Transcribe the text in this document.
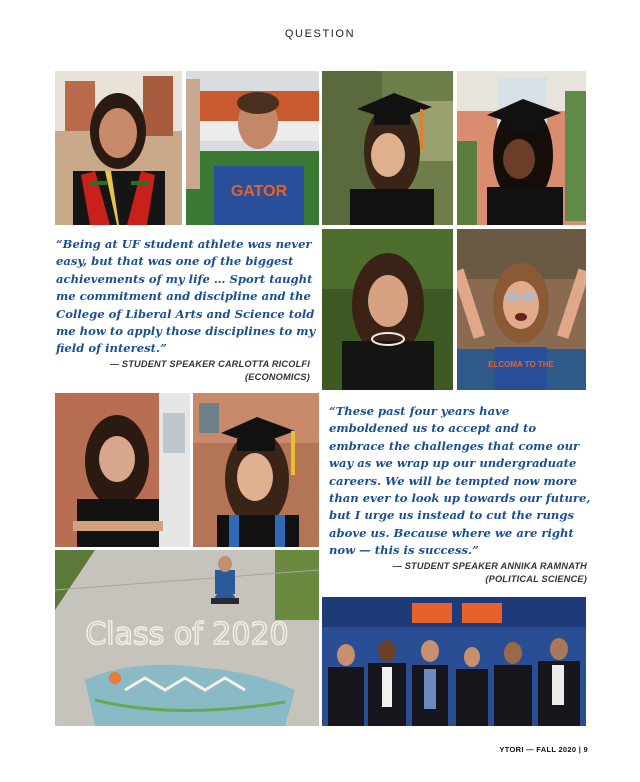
QUESTION
GATOR

“Being at UF student athlete was never easy, but that was one of the biggest achievements of my life … Sport taught me commitment and discipline and the College of Liberal Arts and Science told me how to apply those disciplines to my field of interest.”

— STUDENT SPEAKER CARLOTTA RICOLFI
(ECONOMICS)
ELCOMA TO THE

“These past four years have emboldened us to accept and to embrace the challenges that come our way as we wrap up our undergraduate careers. We will be tempted now more than ever to look up towards our future, but I urge us instead to cut the rungs above us. Because where we are right now — this is success.”

— STUDENT SPEAKER ANNIKA RAMNATH
(POLITICAL SCIENCE)
Class of 2020
YTORI — FALL 2020 | 9
